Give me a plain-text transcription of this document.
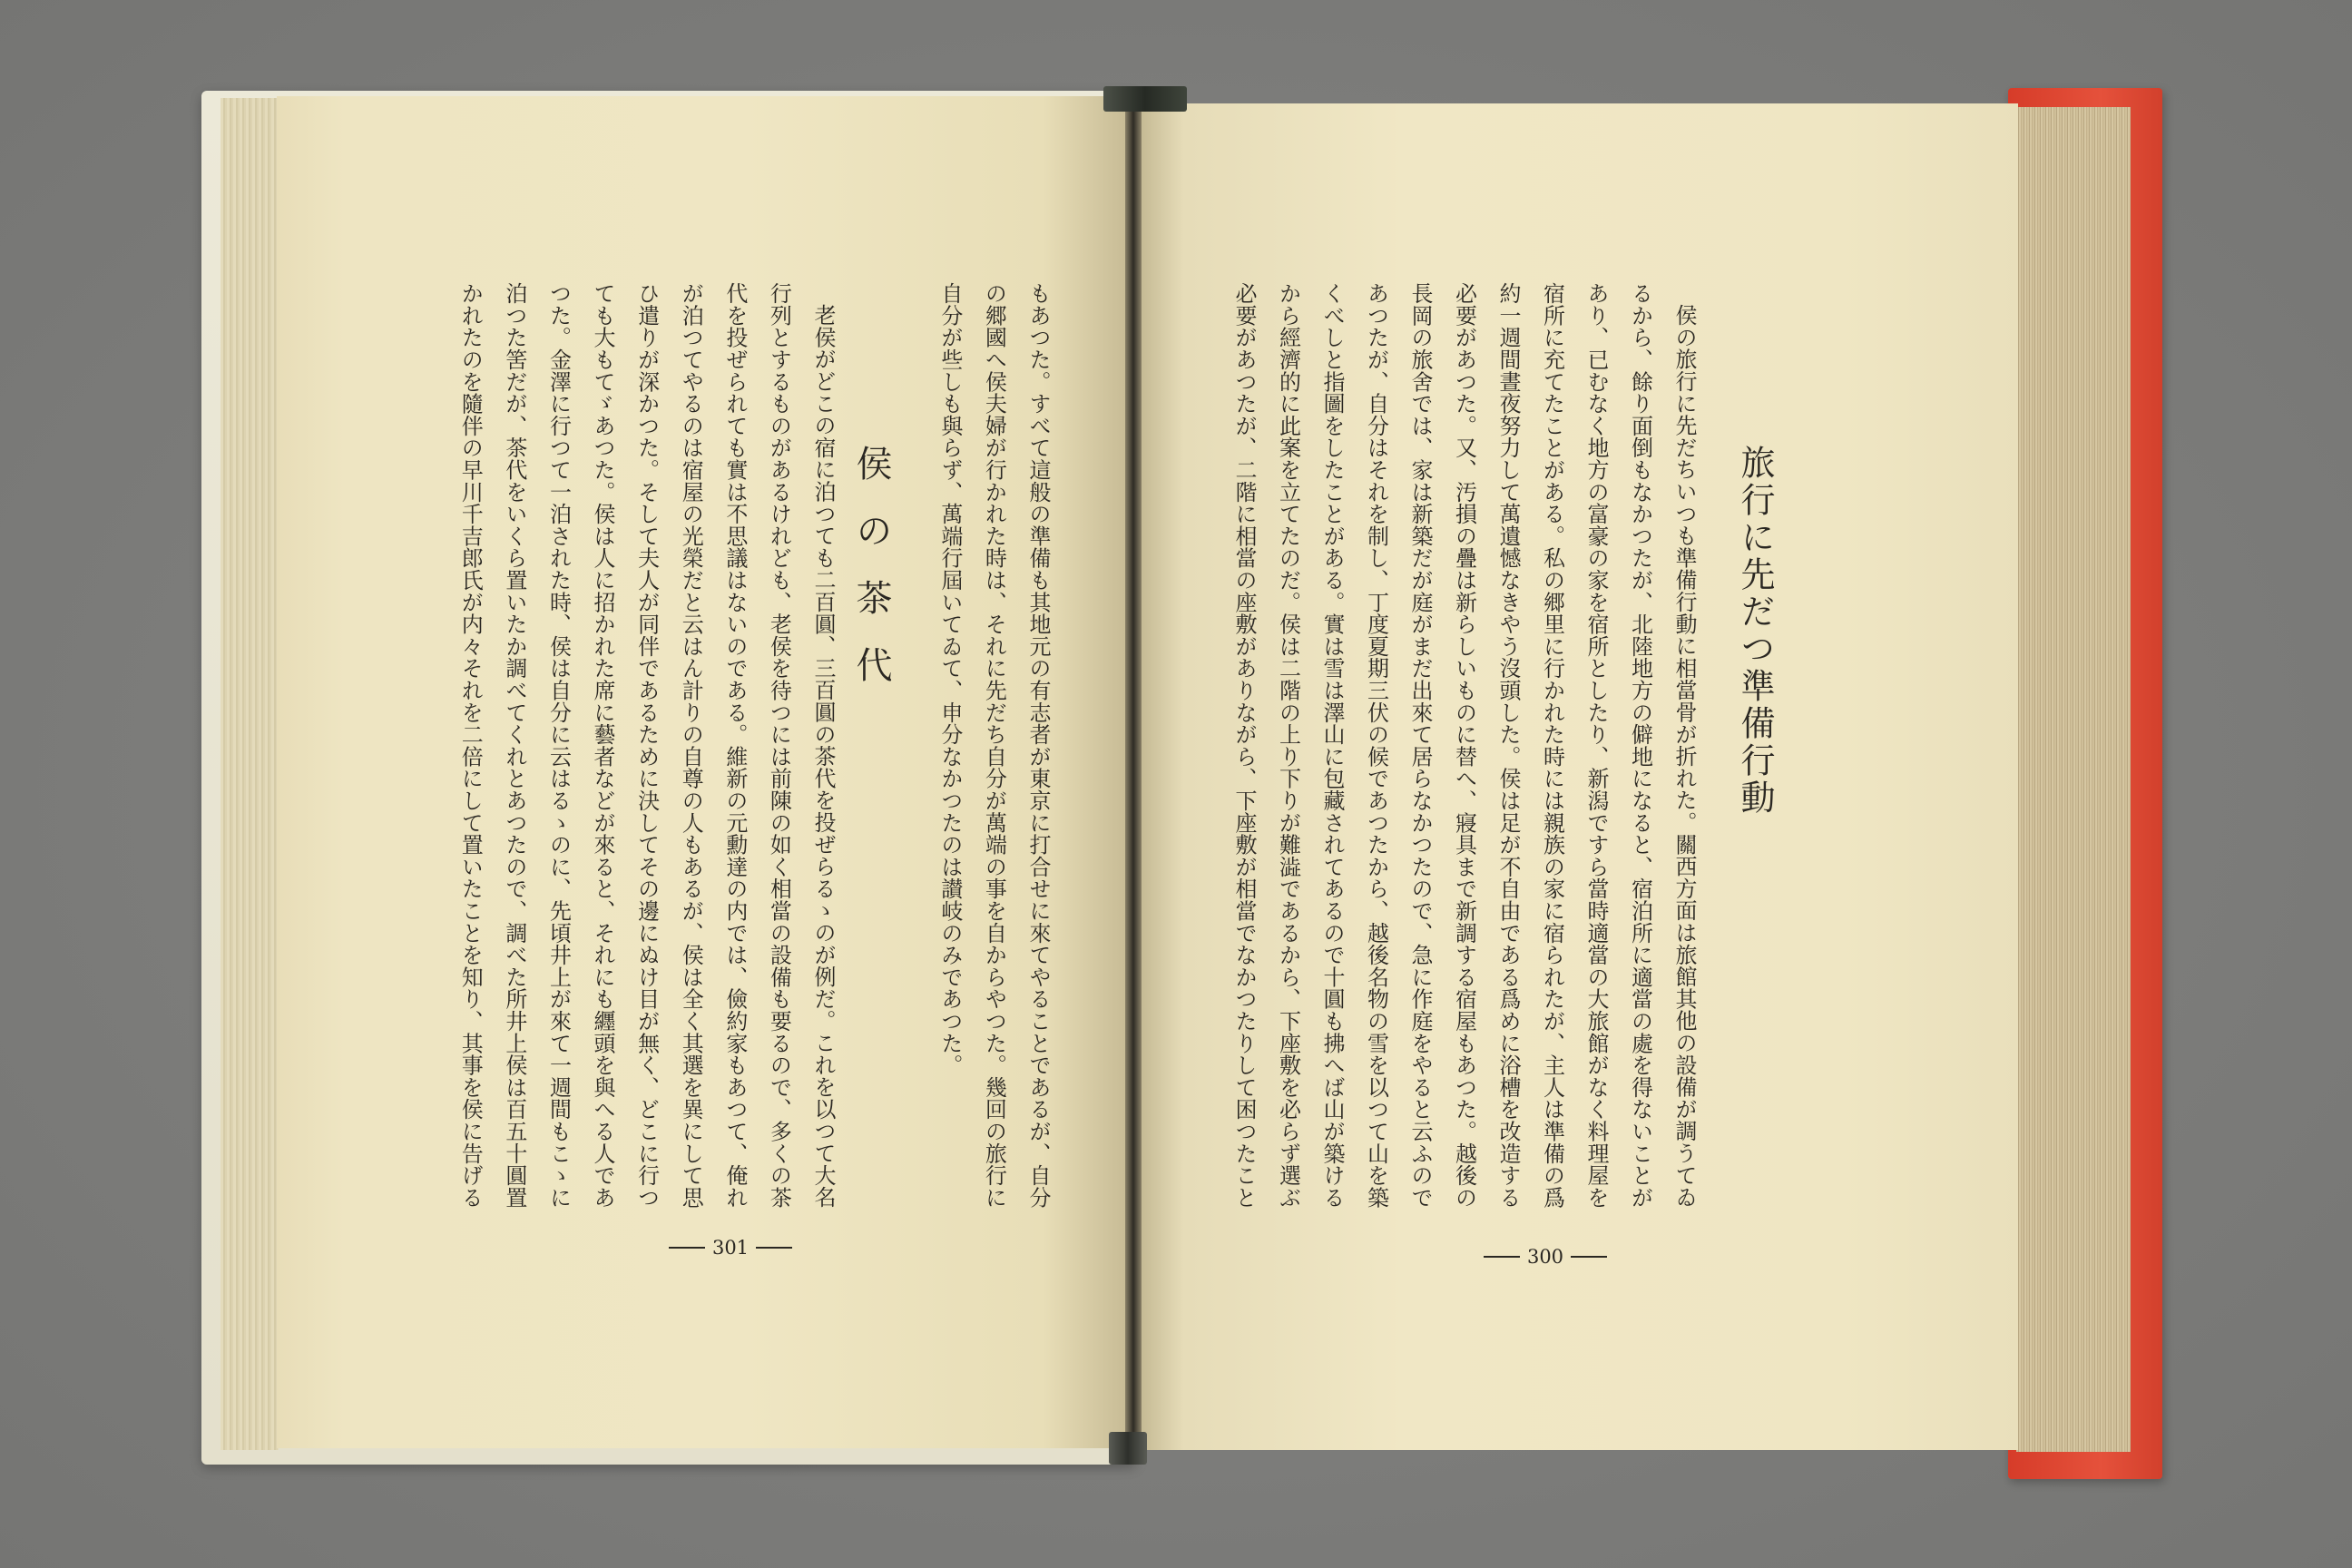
旅行に先だつ準備行動
侯の旅行に先だちいつも準備行動に相當骨が折れた。關西方面は旅館其他の設備が調うてゐ
るから、餘り面倒もなかつたが、北陸地方の僻地になると、宿泊所に適當の處を得ないことが
あり、已むなく地方の富豪の家を宿所としたり、新潟ですら當時適當の大旅館がなく料理屋を
宿所に充てたことがある。私の郷里に行かれた時には親族の家に宿られたが、主人は準備の爲
約一週間晝夜努力して萬遺憾なきやう沒頭した。侯は足が不自由である爲めに浴槽を改造する
必要があつた。又、汚損の疊は新らしいものに替へ、寢具まで新調する宿屋もあつた。越後の
長岡の旅舍では、家は新築だが庭がまだ出來て居らなかつたので、急に作庭をやると云ふので
あつたが、自分はそれを制し、丁度夏期三伏の候であつたから、越後名物の雪を以つて山を築
くべしと指圖をしたことがある。實は雪は澤山に包藏されてあるので十圓も拂へば山が築ける
から經濟的に此案を立てたのだ。侯は二階の上り下りが難澁であるから、下座敷を必らず選ぶ
必要があつたが、二階に相當の座敷がありながら、下座敷が相當でなかつたりして困つたこと
300
もあつた。すべて這般の準備も其地元の有志者が東京に打合せに來てやることであるが、自分
の郷國へ侯夫婦が行かれた時は、それに先だち自分が萬端の事を自からやつた。幾回の旅行に
自分が些しも與らず、萬端行屆いてゐて、申分なかつたのは讃岐のみであつた。
侯の茶代
老侯がどこの宿に泊つても二百圓、三百圓の茶代を投ぜらるゝのが例だ。これを以つて大名
行列とするものがあるけれども、老侯を待つには前陳の如く相當の設備も要るので、多くの茶
代を投ぜられても實は不思議はないのである。維新の元勳達の内では、儉約家もあつて、俺れ
が泊つてやるのは宿屋の光榮だと云はん計りの自尊の人もあるが、侯は全く其選を異にして思
ひ遣りが深かつた。そして夫人が同伴であるために決してその邊にぬけ目が無く、どこに行つ
ても大もてゞあつた。侯は人に招かれた席に藝者などが來ると、それにも纒頭を與へる人であ
つた。金澤に行つて一泊された時、侯は自分に云はるゝのに、先頃井上が來て一週間もこゝに
泊つた筈だが、茶代をいくら置いたか調べてくれとあつたので、調べた所井上侯は百五十圓置
かれたのを隨伴の早川千吉郎氏が内々それを二倍にして置いたことを知り、其事を侯に告げる
301
